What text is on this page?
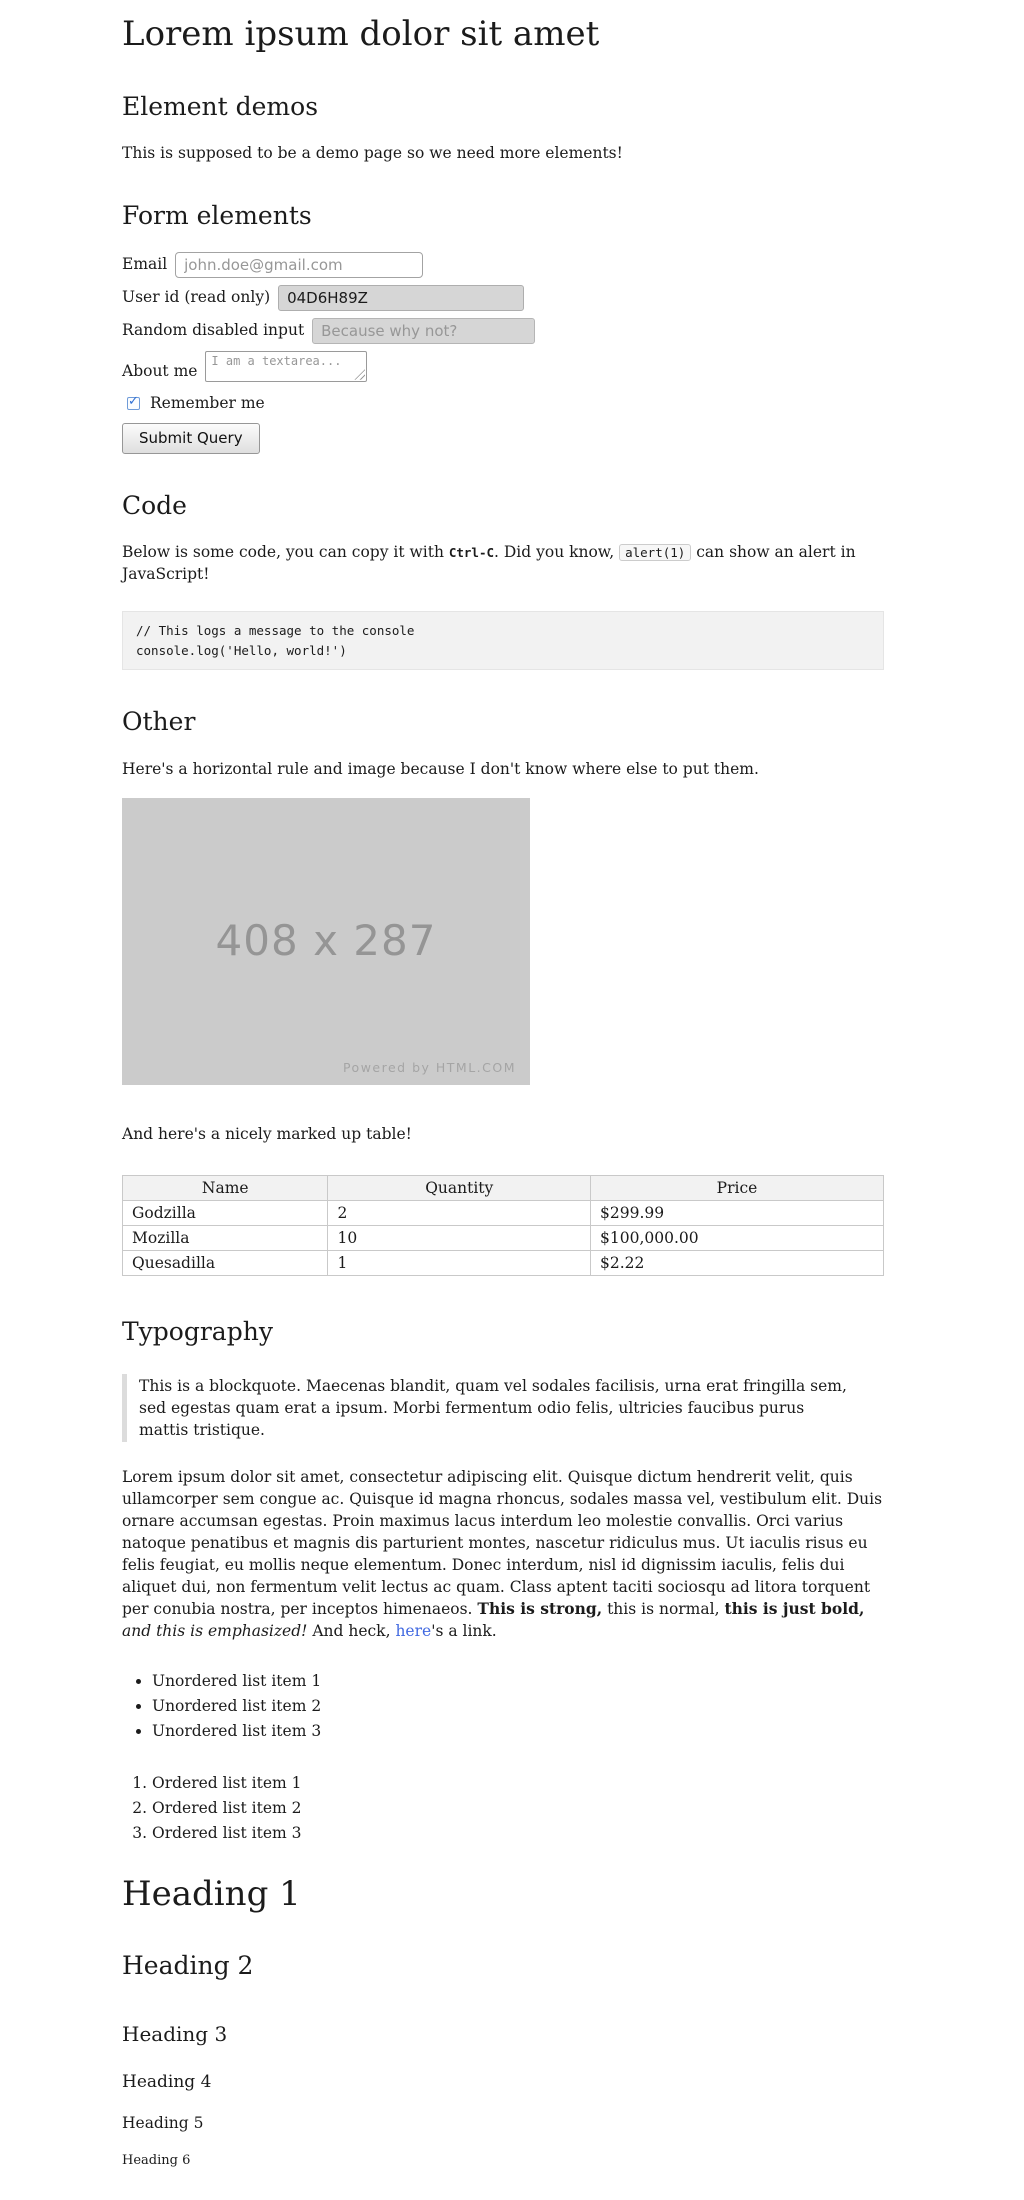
Lorem ipsum dolor sit amet
Element demos

This is supposed to be a demo page so we need more elements!

Form elements

Email john.doe@gmail.com

User id (read only) 04D6H89Z

Random disabled input Because why not?

About me
I am a textarea...

✓ Remember me

Submit Query
Code

Below is some code, you can copy it with Ctrl-C. Did you know, alert(1) can show an alert in JavaScript!

// This logs a message to the console
console.log('Hello, world!')
Other

Here's a horizontal rule and image because I don't know where else to put them.

408 x 287
Powered by HTML.COM

And here's a nicely marked up table!

Name	Quantity	Price
Godzilla	2	$299.99
Mozilla	10	$100,000.00
Quesadilla	1	$2.22
Typography
This is a blockquote. Maecenas blandit, quam vel sodales facilisis, urna erat fringilla sem, sed egestas quam erat a ipsum. Morbi fermentum odio felis, ultricies faucibus purus mattis tristique.

Lorem ipsum dolor sit amet, consectetur adipiscing elit. Quisque dictum hendrerit velit, quis ullamcorper sem congue ac. Quisque id magna rhoncus, sodales massa vel, vestibulum elit. Duis ornare accumsan egestas. Proin maximus lacus interdum leo molestie convallis. Orci varius natoque penatibus et magnis dis parturient montes, nascetur ridiculus mus. Ut iaculis risus eu felis feugiat, eu mollis neque elementum. Donec interdum, nisl id dignissim iaculis, felis dui aliquet dui, non fermentum velit lectus ac quam. Class aptent taciti sociosqu ad litora torquent per conubia nostra, per inceptos himenaeos. This is strong, this is normal, this is just bold, and this is emphasized! And heck, here's a link.

• Unordered list item 1
• Unordered list item 2
• Unordered list item 3
1. Ordered list item 1
2. Ordered list item 2
3. Ordered list item 3
Heading 1
Heading 2
Heading 3
Heading 4
Heading 5
Heading 6
